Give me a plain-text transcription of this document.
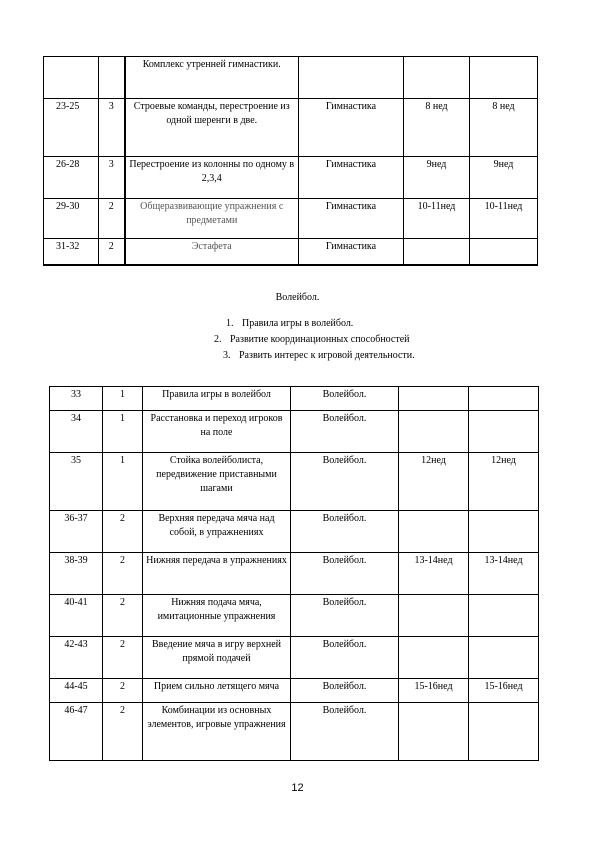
		Комплекс утренней гимнастики.			
23-25	3	Строевые команды, перестроение из одной шеренги в две.	Гимнастика	8 нед	8 нед
26-28	3	Перестроение из колонны по одному в 2,3,4	Гимнастика	9нед	9нед
29-30	2	Общеразвивающие упражнения с предметами	Гимнастика	10-11нед	10-11нед
31-32	2	Эстафета	Гимнастика		
Волейбол.
1. Правила игры в волейбол.
2. Развитие координационных способностей
3. Развить интерес к игровой деятельности.
33	1	Правила игры в волейбол	Волейбол.		
34	1	Расстановка и переход игроков на поле	Волейбол.		
35	1	Стойка волейболиста, передвижение приставными шагами	Волейбол.	12нед	12нед
36-37	2	Верхняя передача мяча над собой, в упражнениях	Волейбол.		
38-39	2	Нижняя передача в упражнениях	Волейбол.	13-14нед	13-14нед
40-41	2	Нижняя подача мяча, имитационные упражнения	Волейбол.		
42-43	2	Введение мяча в игру верхней прямой подачей	Волейбол.		
44-45	2	Прием сильно летящего мяча	Волейбол.	15-16нед	15-16нед
46-47	2	Комбинации из основных элементов, игровые упражнения	Волейбол.		
12
